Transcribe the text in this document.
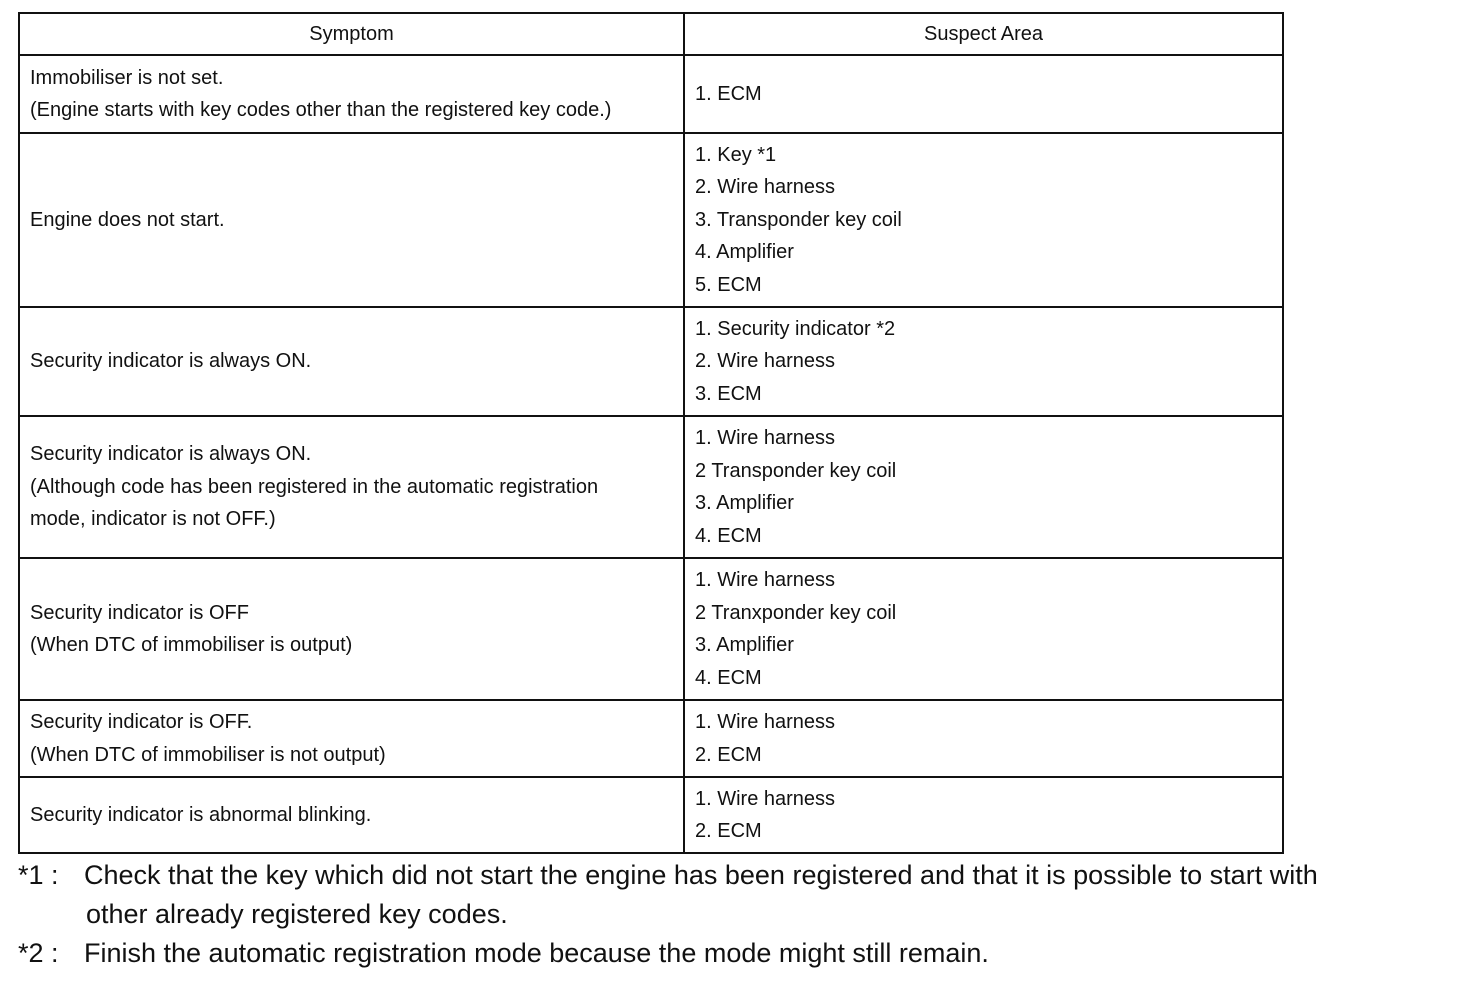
Symptom	Suspect Area

Immobiliser is not set.
(Engine starts with key codes other than the registered key code.)	1. ECM

Engine does not start.	1. Key *1
2. Wire harness
3. Transponder key coil
4. Amplifier
5. ECM

Security indicator is always ON.	1. Security indicator *2
2. Wire harness
3. ECM

Security indicator is always ON.
(Although code has been registered in the automatic registration
mode, indicator is not OFF.)	1. Wire harness
2 Transponder key coil
3. Amplifier
4. ECM

Security indicator is OFF
(When DTC of immobiliser is output)	1. Wire harness
2 Tranxponder key coil
3. Amplifier
4. ECM

Security indicator is OFF.
(When DTC of immobiliser is not output)	1. Wire harness
2. ECM

Security indicator is abnormal blinking.	1. Wire harness
2. ECM
*1 : Check that the key which did not start the engine has been registered and that it is possible to start with
other already registered key codes.
*2 : Finish the automatic registration mode because the mode might still remain.
